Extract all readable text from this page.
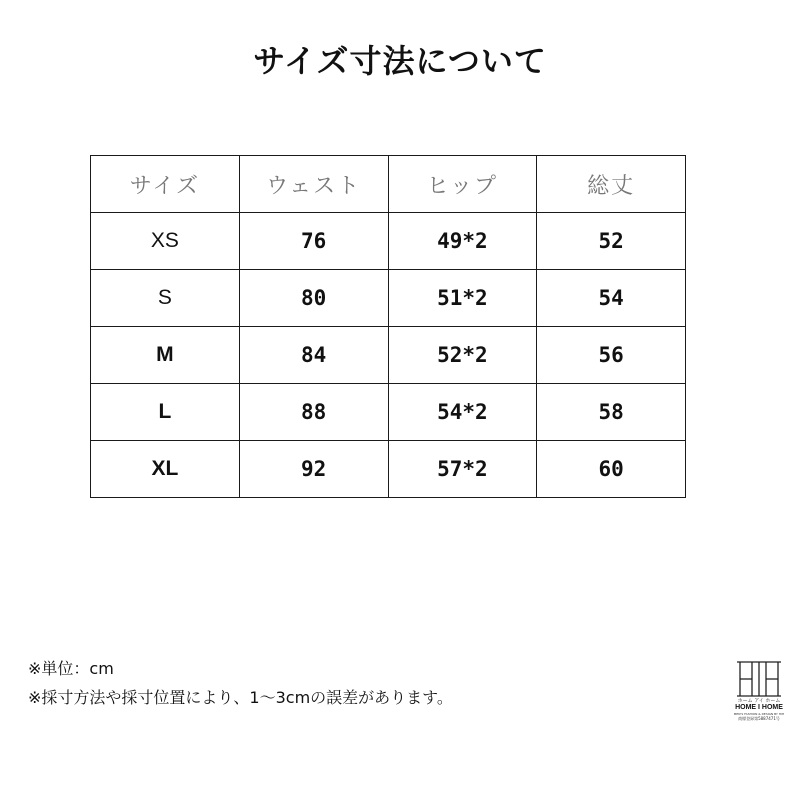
サイズ寸法について
サイズ	ウェスト	ヒップ	総丈
XS	76	49*2	52
S	80	51*2	54
M	84	52*2	56
L	88	54*2	58
XL	92	57*2	60
※単位：cm
※採寸方法や採寸位置により、1～3cmの誤差があります。	ホーム アイ ホーム
HOME I HOME
MEN'S FASHION & DESIGN BY HIH
商標登録第5887471号
